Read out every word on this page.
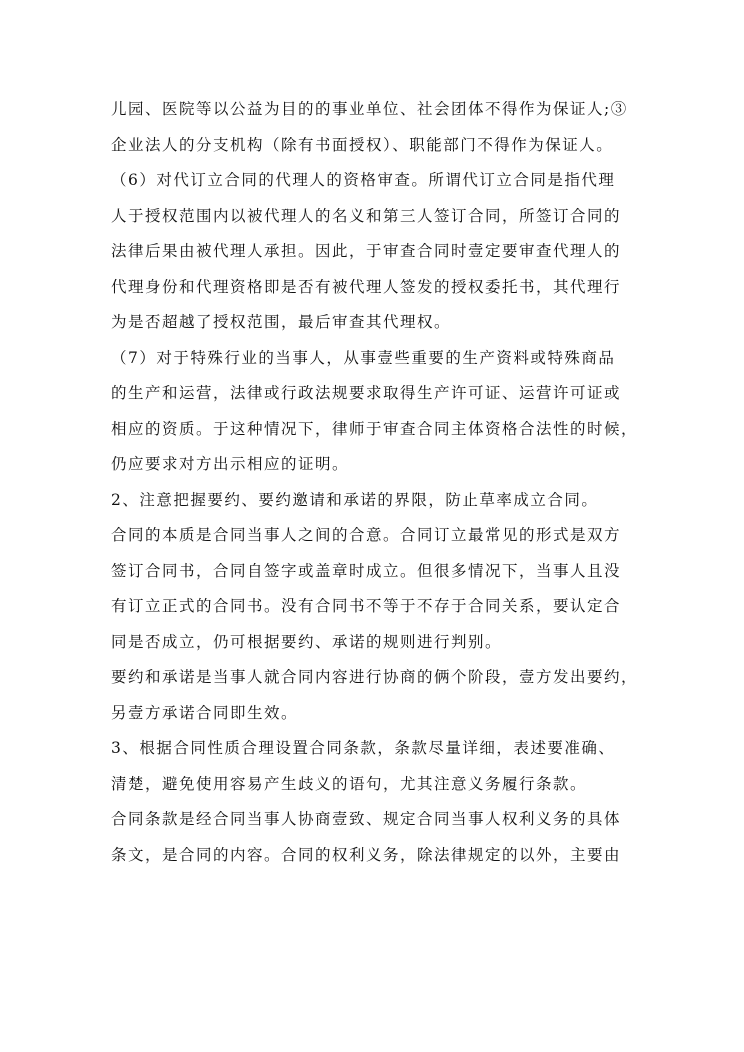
儿园、医院等以公益为目的的事业单位、社会团体不得作为保证人;③
企业法人的分支机构（除有书面授权）、职能部门不得作为保证人。
（6）对代订立合同的代理人的资格审查。所谓代订立合同是指代理
人于授权范围内以被代理人的名义和第三人签订合同，所签订合同的
法律后果由被代理人承担。因此，于审查合同时壹定要审查代理人的
代理身份和代理资格即是否有被代理人签发的授权委托书，其代理行
为是否超越了授权范围，最后审查其代理权。
（7）对于特殊行业的当事人，从事壹些重要的生产资料或特殊商品
的生产和运营，法律或行政法规要求取得生产许可证、运营许可证或
相应的资质。于这种情况下，律师于审查合同主体资格合法性的时候，
仍应要求对方出示相应的证明。
2、注意把握要约、要约邀请和承诺的界限，防止草率成立合同。
合同的本质是合同当事人之间的合意。合同订立最常见的形式是双方
签订合同书，合同自签字或盖章时成立。但很多情况下，当事人且没
有订立正式的合同书。没有合同书不等于不存于合同关系，要认定合
同是否成立，仍可根据要约、承诺的规则进行判别。
要约和承诺是当事人就合同内容进行协商的俩个阶段，壹方发出要约，
另壹方承诺合同即生效。
3、根据合同性质合理设置合同条款，条款尽量详细，表述要准确、
清楚，避免使用容易产生歧义的语句，尤其注意义务履行条款。
合同条款是经合同当事人协商壹致、规定合同当事人权利义务的具体
条文，是合同的内容。合同的权利义务，除法律规定的以外，主要由
